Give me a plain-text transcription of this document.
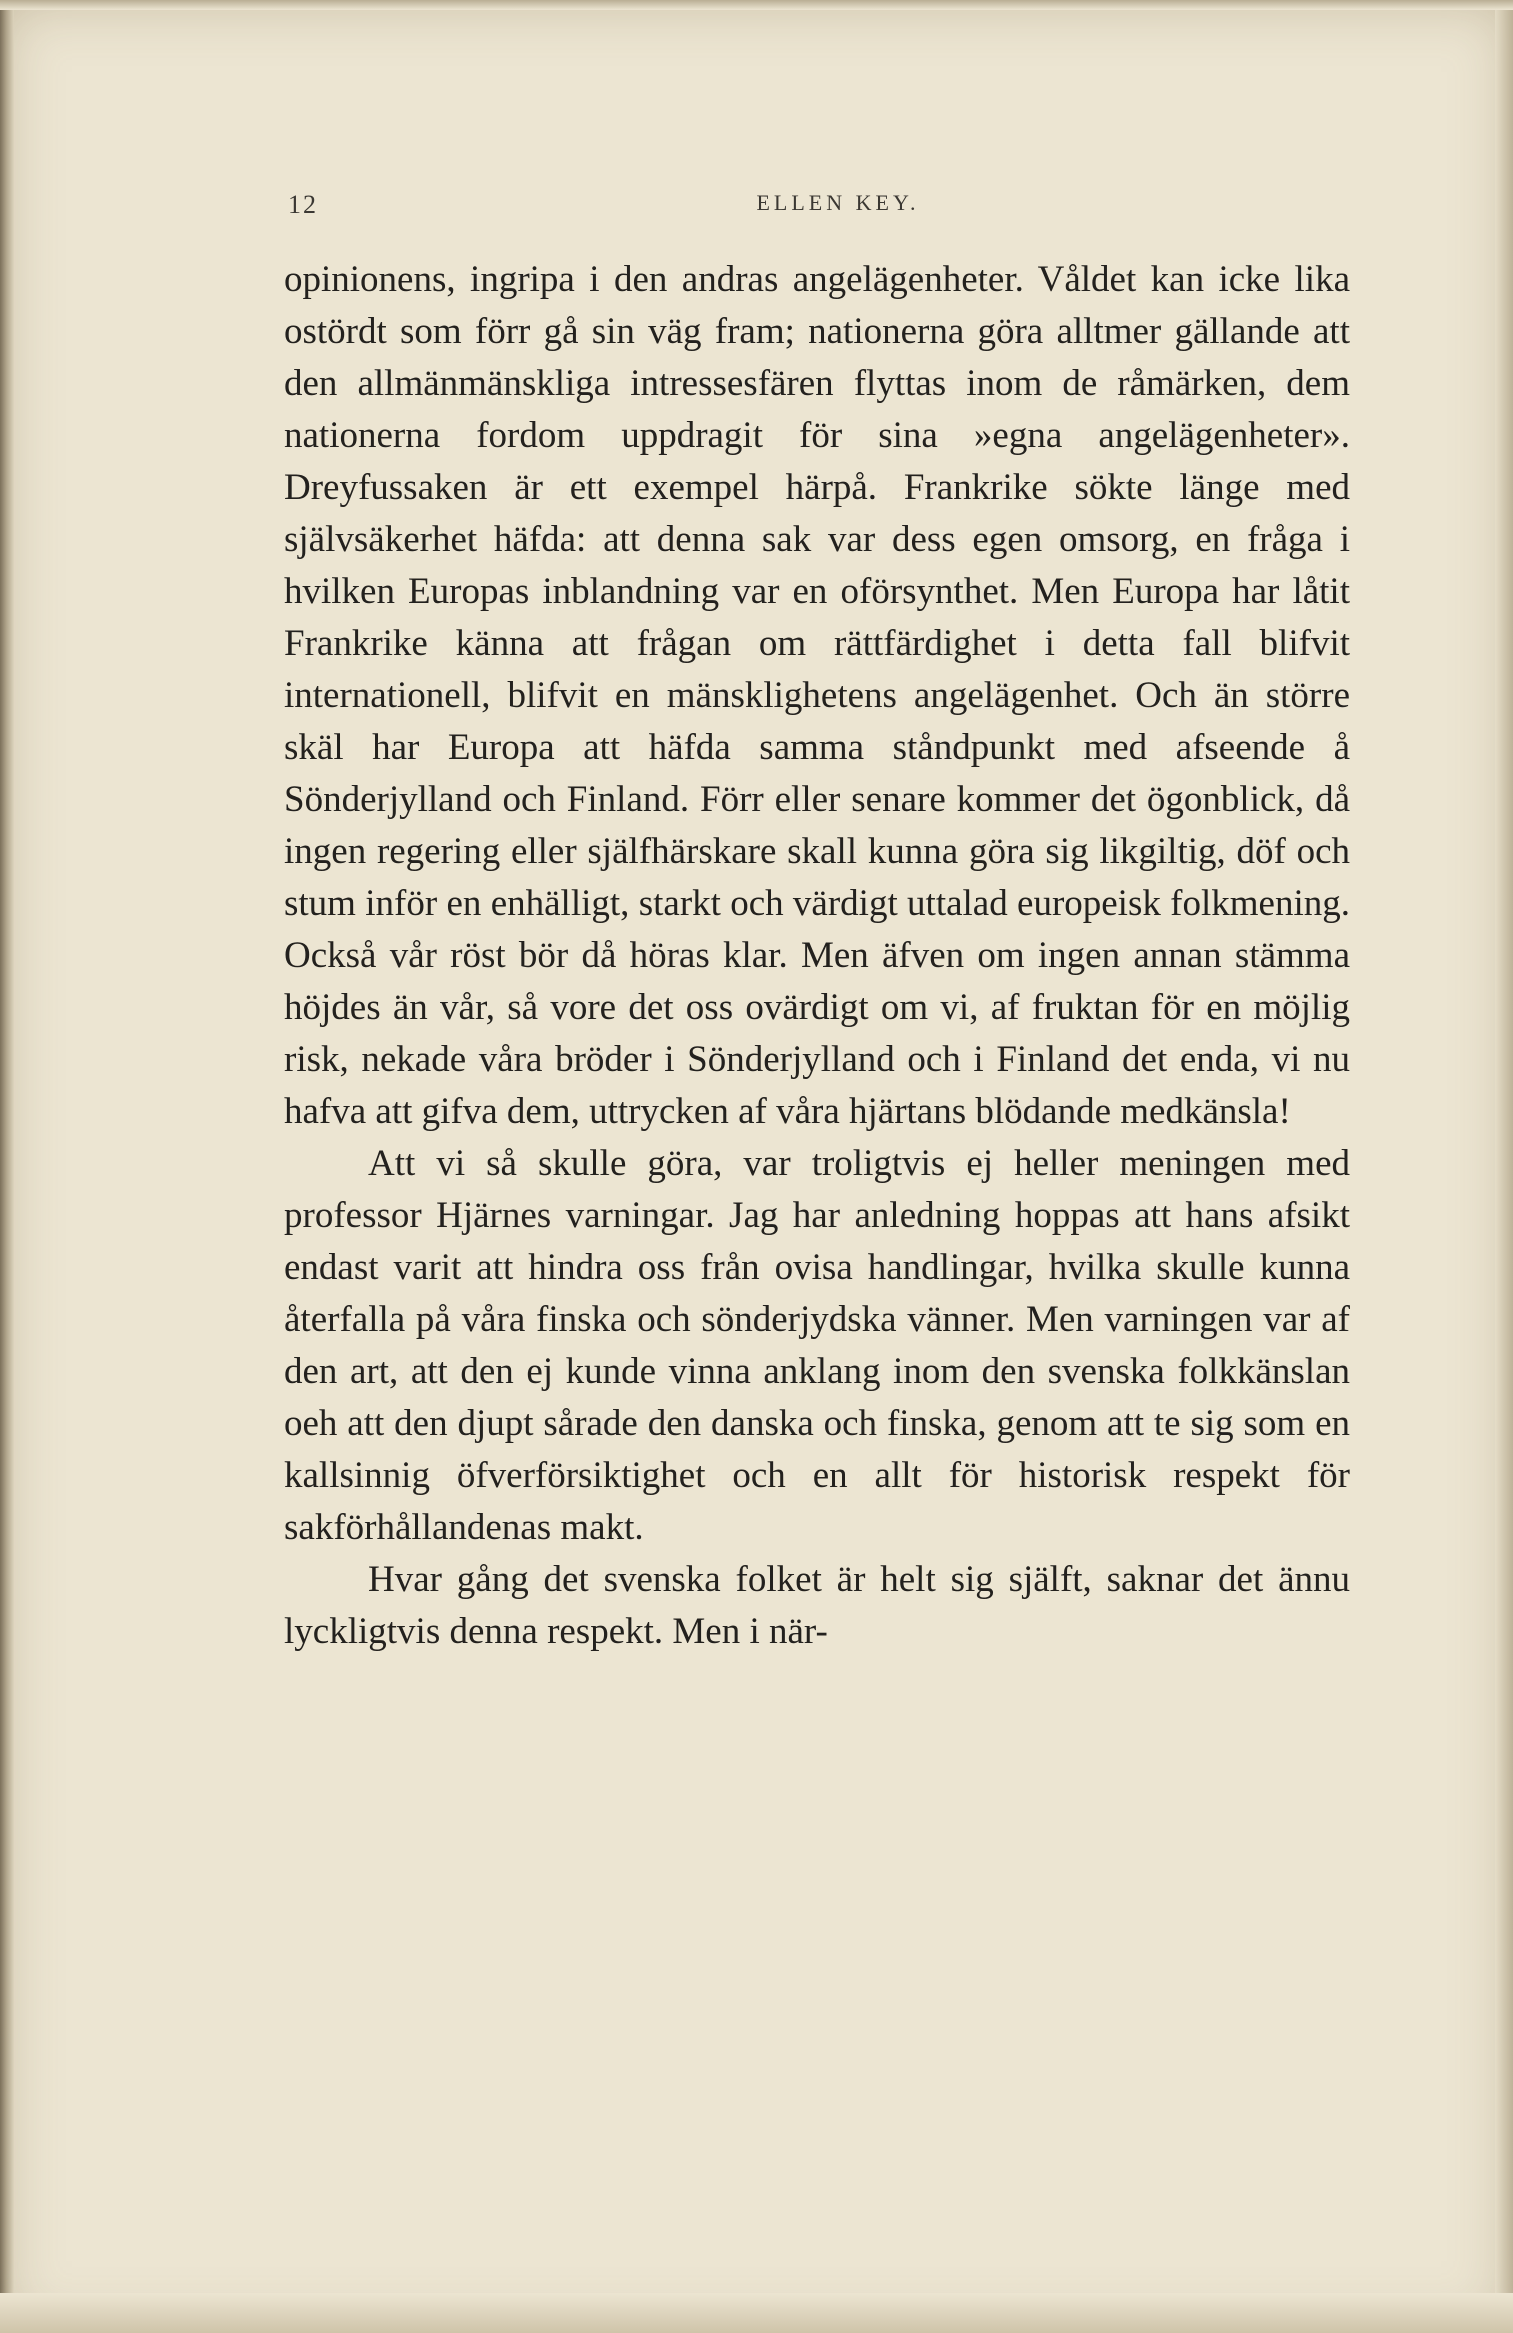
12	ELLEN KEY.

opinionens, ingripa i den andras angelägenheter. Våldet kan icke lika ostördt som förr gå sin väg fram; nationerna göra alltmer gällande att den allmänmänskliga intressesfären flyttas inom de råmärken, dem nationerna fordom uppdragit för sina »egna angelägenheter». Dreyfussaken är ett exempel härpå. Frankrike sökte länge med självsäkerhet häfda: att denna sak var dess egen omsorg, en fråga i hvilken Europas inblandning var en oförsynthet. Men Europa har låtit Frankrike känna att frågan om rättfärdighet i detta fall blifvit internationell, blifvit en mänsklighetens angelägenhet. Och än större skäl har Europa att häfda samma ståndpunkt med afseende å Sönderjylland och Finland. Förr eller senare kommer det ögonblick, då ingen regering eller själfhärskare skall kunna göra sig likgiltig, döf och stum inför en enhälligt, starkt och värdigt uttalad europeisk folkmening. Också vår röst bör då höras klar. Men äfven om ingen annan stämma höjdes än vår, så vore det oss ovärdigt om vi, af fruktan för en möjlig risk, nekade våra bröder i Sönderjylland och i Finland det enda, vi nu hafva att gifva dem, uttrycken af våra hjärtans blödande medkänsla!

Att vi så skulle göra, var troligtvis ej heller meningen med professor Hjärnes varningar. Jag har anledning hoppas att hans afsikt endast varit att hindra oss från ovisa handlingar, hvilka skulle kunna återfalla på våra finska och sönderjydska vänner. Men varningen var af den art, att den ej kunde vinna anklang inom den svenska folkkänslan oeh att den djupt sårade den danska och finska, genom att te sig som en kallsinnig öfverförsiktighet och en allt för historisk respekt för sakförhållandenas makt.

Hvar gång det svenska folket är helt sig själft, saknar det ännu lyckligtvis denna respekt. Men i när-
